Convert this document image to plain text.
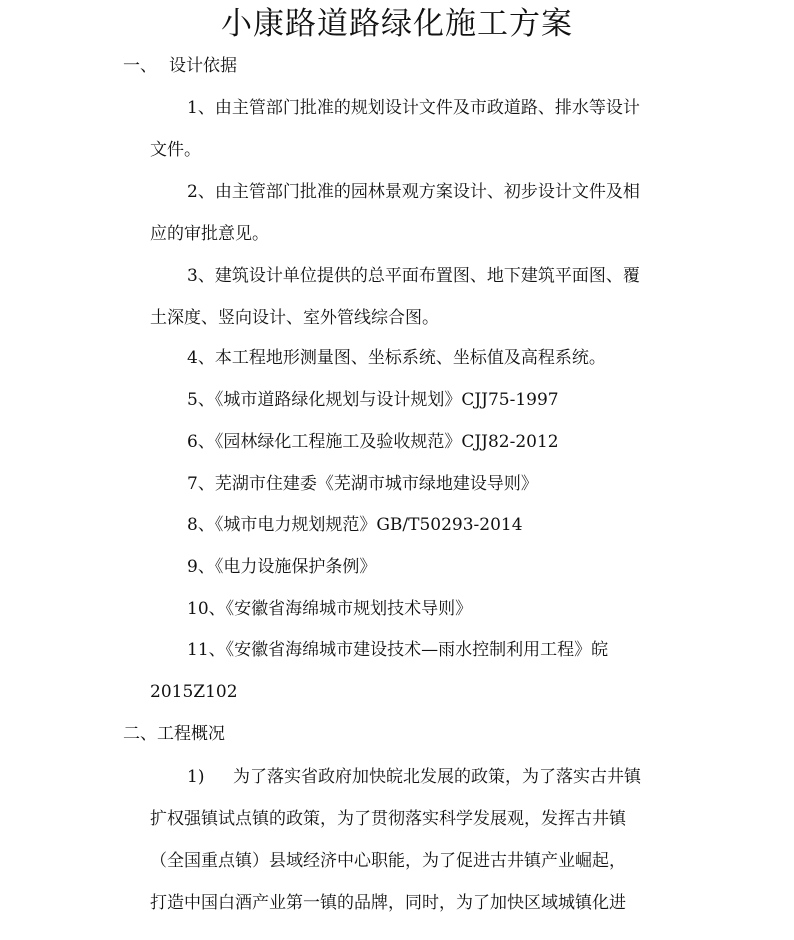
小康路道路绿化施工方案
一、 设计依据
1、由主管部门批准的规划设计文件及市政道路、排水等设计
文件。
2、由主管部门批准的园林景观方案设计、初步设计文件及相
应的审批意见。
3、建筑设计单位提供的总平面布置图、地下建筑平面图、覆
土深度、竖向设计、室外管线综合图。
4、本工程地形测量图、坐标系统、坐标值及高程系统。
5、《城市道路绿化规划与设计规划》CJJ75-1997
6、《园林绿化工程施工及验收规范》CJJ82-2012
7、芜湖市住建委《芜湖市城市绿地建设导则》
8、《城市电力规划规范》GB/T50293-2014
9、《电力设施保护条例》
10、《安徽省海绵城市规划技术导则》
11、《安徽省海绵城市建设技术—雨水控制利用工程》皖
2015Z102
二、工程概况
1) 为了落实省政府加快皖北发展的政策，为了落实古井镇
扩权强镇试点镇的政策，为了贯彻落实科学发展观，发挥古井镇
（全国重点镇）县域经济中心职能，为了促进古井镇产业崛起，
打造中国白酒产业第一镇的品牌，同时，为了加快区域城镇化进
